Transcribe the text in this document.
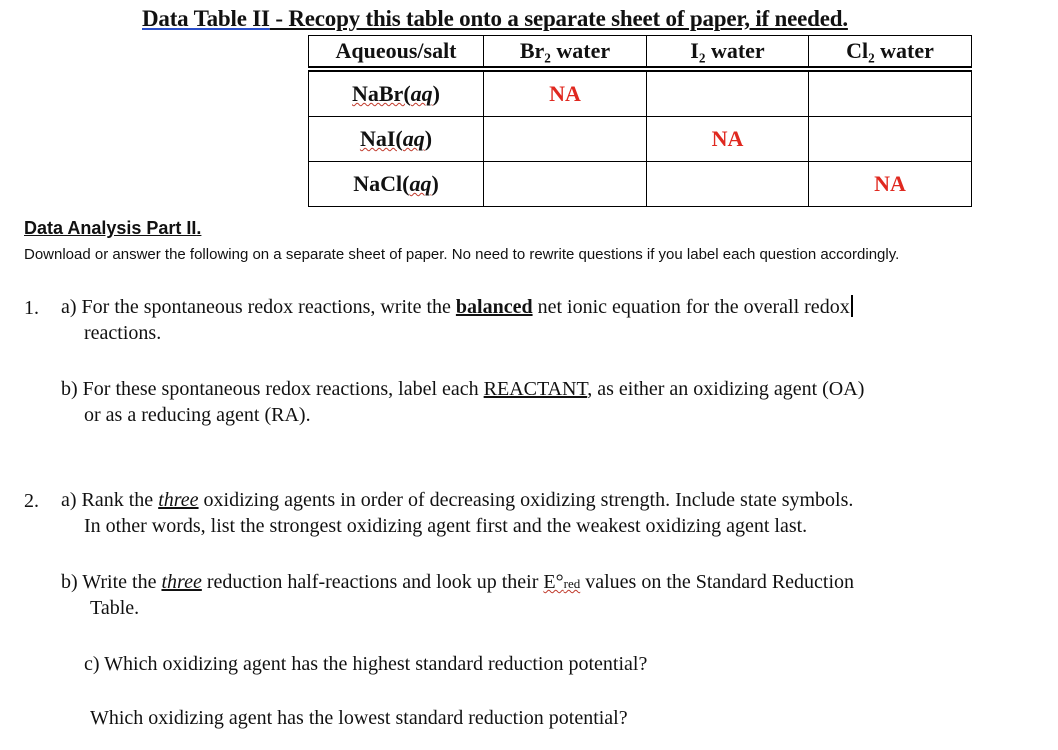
Data Table II - Recopy this table onto a separate sheet of paper, if needed.
Aqueous/salt	Br₂ water	I₂ water	Cl₂ water
NaBr(aq)	NA		
NaI(aq)		NA	
NaCl(aq)			NA
Data Analysis Part II.
Download or answer the following on a separate sheet of paper. No need to rewrite questions if you label each question accordingly.
1. a) For the spontaneous redox reactions, write the balanced net ionic equation for the overall redox
reactions.
b) For these spontaneous redox reactions, label each REACTANT, as either an oxidizing agent (OA)
or as a reducing agent (RA).
2. a) Rank the three oxidizing agents in order of decreasing oxidizing strength. Include state symbols.
In other words, list the strongest oxidizing agent first and the weakest oxidizing agent last.
b) Write the three reduction half-reactions and look up their E°red values on the Standard Reduction
Table.
c) Which oxidizing agent has the highest standard reduction potential?
Which oxidizing agent has the lowest standard reduction potential?
